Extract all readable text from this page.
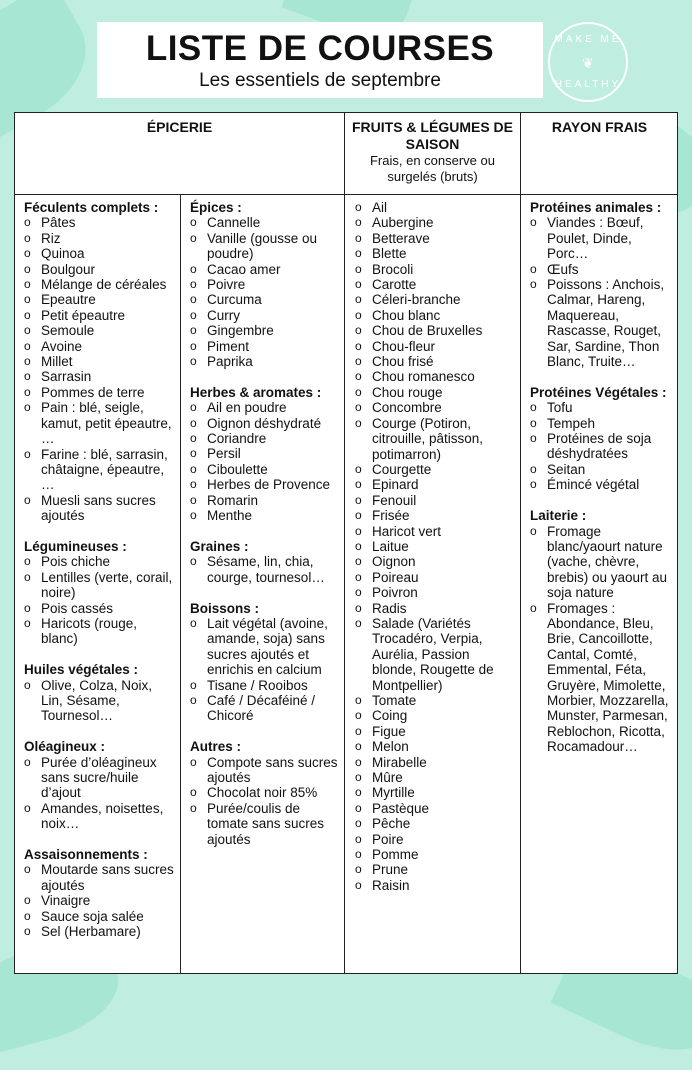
LISTE DE COURSES
Les essentiels de septembre
MAKE ME
❦
HEALTHY
ÉPICERIE	FRUITS & LÉGUMES DE SAISON
Frais, en conserve ou surgelés (bruts)
RAYON FRAIS
Féculents complets :
o Pâtes
o Riz
o Quinoa
o Boulgour
o Mélange de céréales
o Epeautre
o Petit épeautre
o Semoule
o Avoine
o Millet
o Sarrasin
o Pommes de terre
o Pain : blé, seigle, kamut, petit épeautre, …
o Farine : blé, sarrasin, châtaigne, épeautre, …
o Muesli sans sucres ajoutés
Légumineuses :
o Pois chiche
o Lentilles (verte, corail, noire)
o Pois cassés
o Haricots (rouge, blanc)
Huiles végétales :
o Olive, Colza, Noix, Lin, Sésame, Tournesol…
Oléagineux :
o Purée d’oléagineux sans sucre/huile d’ajout
o Amandes, noisettes, noix…
Assaisonnements :
o Moutarde sans sucres ajoutés
o Vinaigre
o Sauce soja salée
o Sel (Herbamare)
Épices :
o Cannelle
o Vanille (gousse ou poudre)
o Cacao amer
o Poivre
o Curcuma
o Curry
o Gingembre
o Piment
o Paprika
Herbes & aromates :
o Ail en poudre
o Oignon déshydraté
o Coriandre
o Persil
o Ciboulette
o Herbes de Provence
o Romarin
o Menthe
Graines :
o Sésame, lin, chia, courge, tournesol…
Boissons :
o Lait végétal (avoine, amande, soja) sans sucres ajoutés et enrichis en calcium
o Tisane / Rooibos
o Café / Décaféiné / Chicoré
Autres :
o Compote sans sucres ajoutés
o Chocolat noir 85%
o Purée/coulis de tomate sans sucres ajoutés
o Ail
o Aubergine
o Betterave
o Blette
o Brocoli
o Carotte
o Céleri-branche
o Chou blanc
o Chou de Bruxelles
o Chou-fleur
o Chou frisé
o Chou romanesco
o Chou rouge
o Concombre
o Courge (Potiron, citrouille, pâtisson, potimarron)
o Courgette
o Epinard
o Fenouil
o Frisée
o Haricot vert
o Laitue
o Oignon
o Poireau
o Poivron
o Radis
o Salade (Variétés Trocadéro, Verpia, Aurélia, Passion blonde, Rougette de Montpellier)
o Tomate
o Coing
o Figue
o Melon
o Mirabelle
o Mûre
o Myrtille
o Pastèque
o Pêche
o Poire
o Pomme
o Prune
o Raisin
Protéines animales :
o Viandes : Bœuf, Poulet, Dinde, Porc…
o Œufs
o Poissons : Anchois, Calmar, Hareng, Maquereau, Rascasse, Rouget, Sar, Sardine, Thon Blanc, Truite…
Protéines Végétales :
o Tofu
o Tempeh
o Protéines de soja déshydratées
o Seitan
o Émincé végétal
Laiterie :
o Fromage blanc/yaourt nature (vache, chèvre, brebis) ou yaourt au soja nature
o Fromages : Abondance, Bleu, Brie, Cancoillotte, Cantal, Comté, Emmental, Féta, Gruyère, Mimolette, Morbier, Mozzarella, Munster, Parmesan, Reblochon, Ricotta, Rocamadour…
